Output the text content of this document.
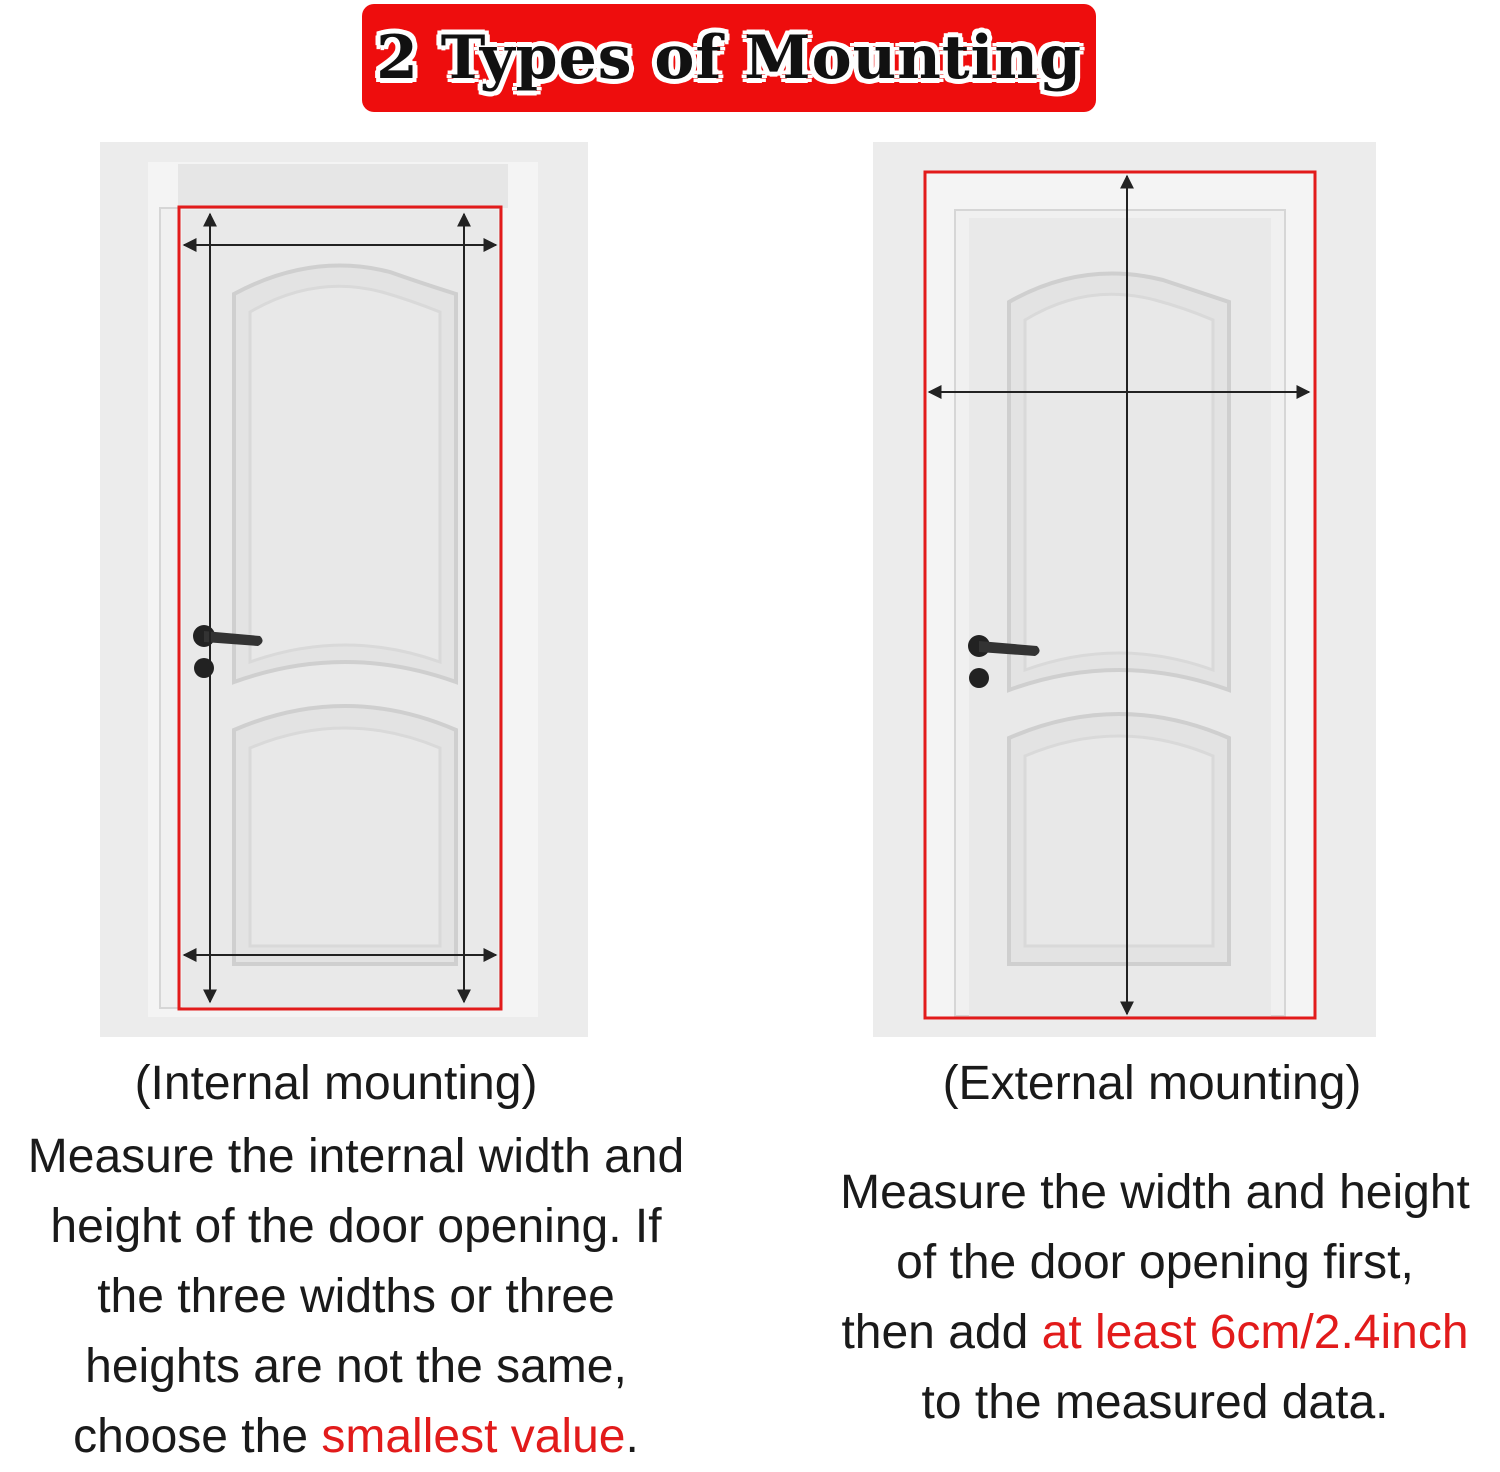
2 Types of Mounting
(Internal mounting)
Measure the internal width and
height of the door opening. If
the three widths or three
heights are not the same,
choose the smallest value.
(External mounting)
Measure the width and height
of the door opening first,
then add at least 6cm/2.4inch
to the measured data.
